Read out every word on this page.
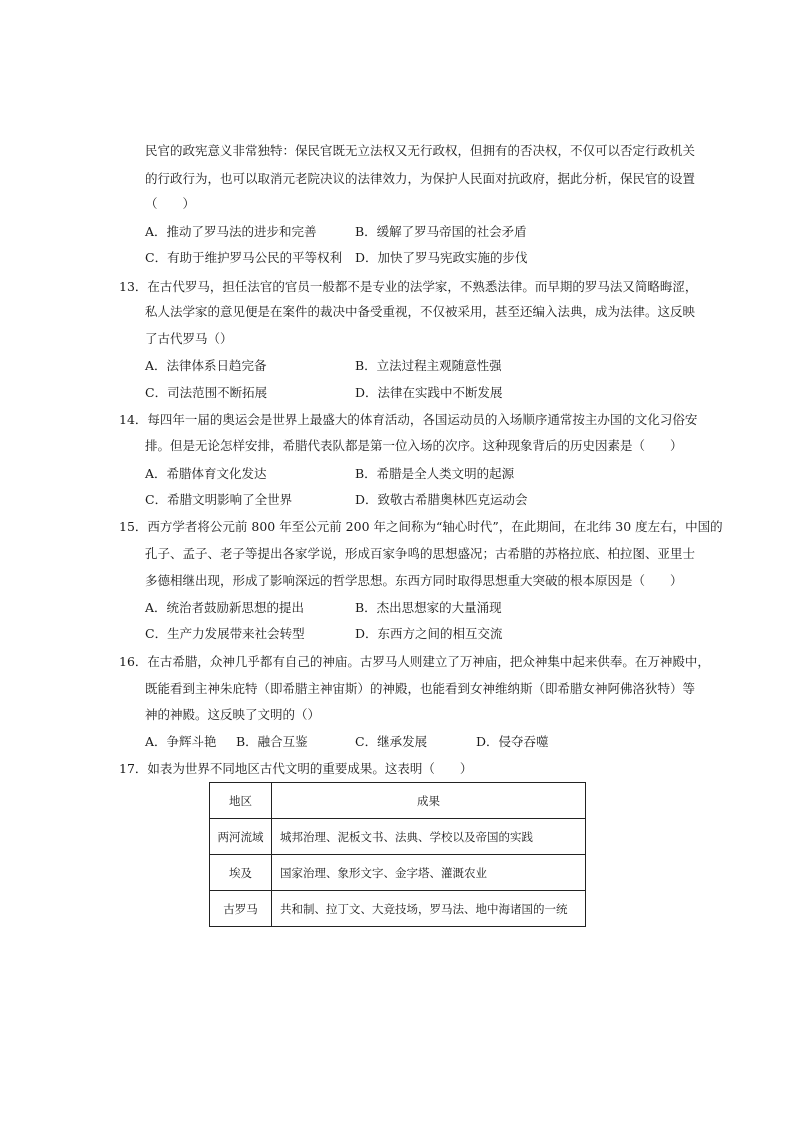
民官的政宪意义非常独特：保民官既无立法权又无行政权，但拥有的否决权，不仅可以否定行政机关
的行政行为，也可以取消元老院决议的法律效力，为保护人民面对抗政府，据此分析，保民官的设置
（　　）
A．推动了罗马法的进步和完善	B．缓解了罗马帝国的社会矛盾
C．有助于维护罗马公民的平等权利 D．加快了罗马宪政实施的步伐
13．在古代罗马，担任法官的官员一般都不是专业的法学家，不熟悉法律。而早期的罗马法又简略晦涩，
私人法学家的意见便是在案件的裁决中备受重视，不仅被采用，甚至还编入法典，成为法律。这反映
了古代罗马（）
A．法律体系日趋完备	B．立法过程主观随意性强
C．司法范围不断拓展	D．法律在实践中不断发展
14．每四年一届的奥运会是世界上最盛大的体育活动，各国运动员的入场顺序通常按主办国的文化习俗安
排。但是无论怎样安排，希腊代表队都是第一位入场的次序。这种现象背后的历史因素是（　　）
A．希腊体育文化发达	B．希腊是全人类文明的起源
C．希腊文明影响了全世界	D．致敬古希腊奥林匹克运动会
15．西方学者将公元前 800 年至公元前 200 年之间称为“轴心时代”，在此期间，在北纬 30 度左右，中国的
孔子、孟子、老子等提出各家学说，形成百家争鸣的思想盛况；古希腊的苏格拉底、柏拉图、亚里士
多德相继出现，形成了影响深远的哲学思想。东西方同时取得思想重大突破的根本原因是（　　）
A．统治者鼓励新思想的提出	B．杰出思想家的大量涌现
C．生产力发展带来社会转型	D．东西方之间的相互交流
16．在古希腊，众神几乎都有自己的神庙。古罗马人则建立了万神庙，把众神集中起来供奉。在万神殿中，
既能看到主神朱庇特（即希腊主神宙斯）的神殿，也能看到女神维纳斯（即希腊女神阿佛洛狄特）等
神的神殿。这反映了文明的（）
A．争辉斗艳 B．融合互鉴	C．继承发展	D．侵夺吞噬
17．如表为世界不同地区古代文明的重要成果。这表明（　　）
地区	成果
两河流域	城邦治理、泥板文书、法典、学校以及帝国的实践
埃及	国家治理、象形文字、金字塔、灌溉农业
古罗马	共和制、拉丁文、大竞技场，罗马法、地中海诸国的一统
